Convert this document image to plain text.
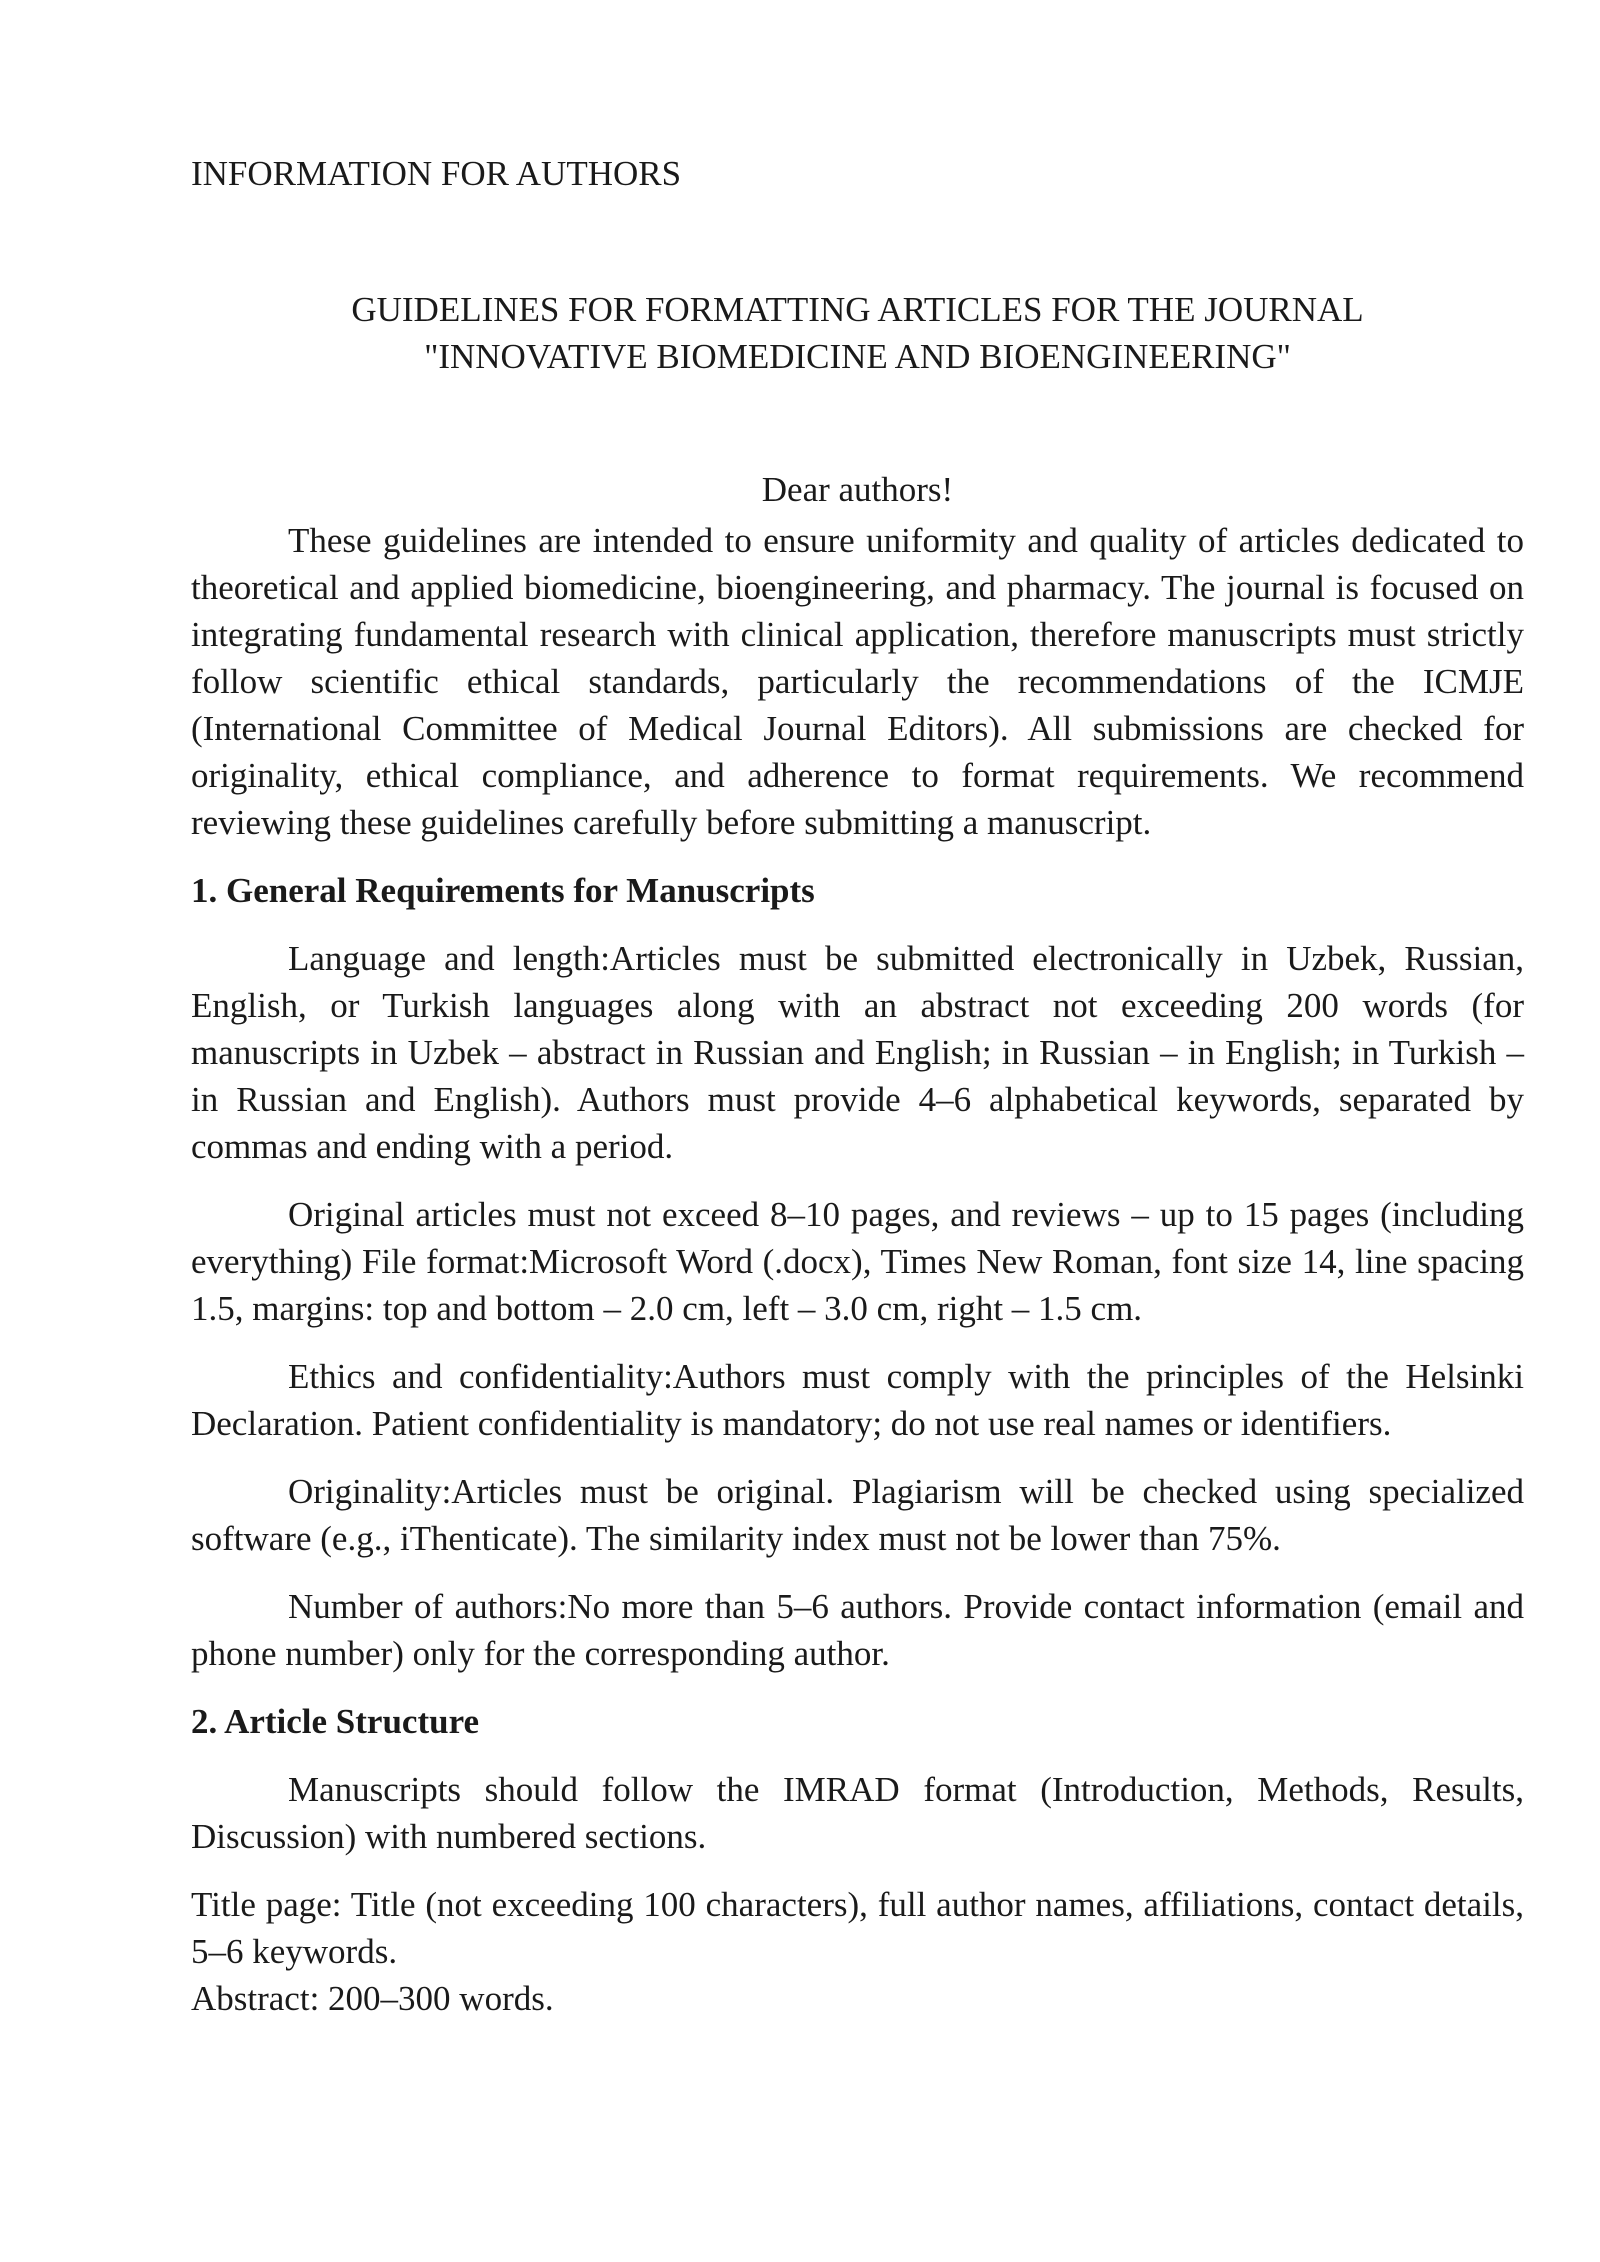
INFORMATION FOR AUTHORS
GUIDELINES FOR FORMATTING ARTICLES FOR THE JOURNAL
"INNOVATIVE BIOMEDICINE AND BIOENGINEERING"

Dear authors!

These guidelines are intended to ensure uniformity and quality of articles dedicated to theoretical and applied biomedicine, bioengineering, and pharmacy. The journal is focused on integrating fundamental research with clinical application, therefore manuscripts must strictly follow scientific ethical standards, particularly the recommendations of the ICMJE (International Committee of Medical Journal Editors). All submissions are checked for originality, ethical compliance, and adherence to format requirements. We recommend reviewing these guidelines carefully before submitting a manuscript.

1. General Requirements for Manuscripts

Language and length:Articles must be submitted electronically in Uzbek, Russian, English, or Turkish languages along with an abstract not exceeding 200 words (for manuscripts in Uzbek – abstract in Russian and English; in Russian – in English; in Turkish – in Russian and English). Authors must provide 4–6 alphabetical keywords, separated by commas and ending with a period.

Original articles must not exceed 8–10 pages, and reviews – up to 15 pages (including everything) File format:Microsoft Word (.docx), Times New Roman, font size 14, line spacing 1.5, margins: top and bottom – 2.0 cm, left – 3.0 cm, right – 1.5 cm.

Ethics and confidentiality:Authors must comply with the principles of the Helsinki Declaration. Patient confidentiality is mandatory; do not use real names or identifiers.

Originality:Articles must be original. Plagiarism will be checked using specialized software (e.g., iThenticate). The similarity index must not be lower than 75%.

Number of authors:No more than 5–6 authors. Provide contact information (email and phone number) only for the corresponding author.

2. Article Structure

Manuscripts should follow the IMRAD format (Introduction, Methods, Results, Discussion) with numbered sections.

Title page: Title (not exceeding 100 characters), full author names, affiliations, contact details, 5–6 keywords.

Abstract: 200–300 words.
